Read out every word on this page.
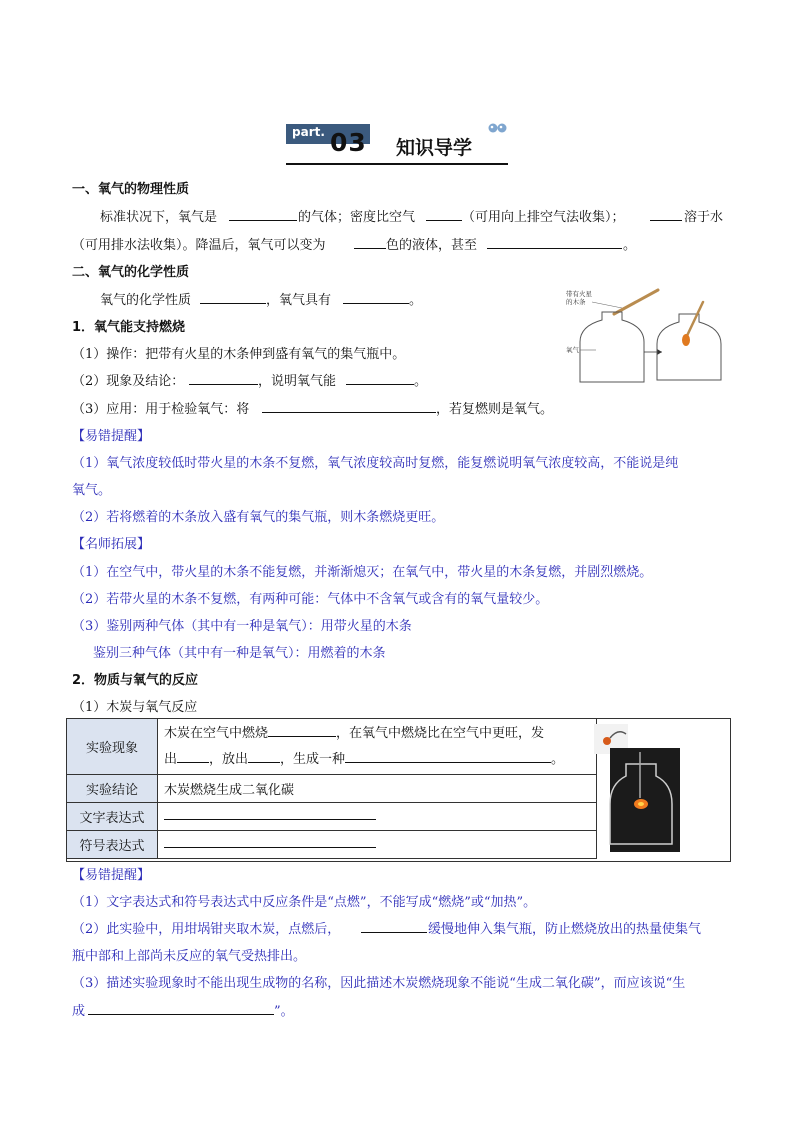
part. 03 知识导学
一、氧气的物理性质
标准状况下，氧气是	的气体；密度比空气	（可用向上排空气法收集）；	溶于水
（可用排水法收集）。降温后，氧气可以变为	色的液体，甚至	。
二、氧气的化学性质
氧气的化学性质	，氧气具有	。	带有火星
的木条
氧气
1．氧气能支持燃烧
（1）操作：把带有火星的木条伸到盛有氧气的集气瓶中。
（2）现象及结论：	，说明氧气能	。
（3）应用：用于检验氧气：将	，若复燃则是氧气。
【易错提醒】
（1）氧气浓度较低时带火星的木条不复燃，氧气浓度较高时复燃，能复燃说明氧气浓度较高，不能说是纯
氧气。
（2）若将燃着的木条放入盛有氧气的集气瓶，则木条燃烧更旺。
【名师拓展】
（1）在空气中，带火星的木条不能复燃，并渐渐熄灭；在氧气中，带火星的木条复燃，并剧烈燃烧。
（2）若带火星的木条不复燃，有两种可能：气体中不含氧气或含有的氧气量较少。
（3）鉴别两种气体（其中有一种是氧气）：用带火星的木条
鉴别三种气体（其中有一种是氧气）：用燃着的木条
2．物质与氧气的反应
（1）木炭与氧气反应
实验现象	木炭在空气中燃烧 ，在氧气中燃烧比在空气中更旺，发
出 ，放出 ，生成一种 。

实验结论	木炭燃烧生成二氧化碳
文字表达式	
符号表达式	
【易错提醒】
（1）文字表达式和符号表达式中反应条件是“点燃”，不能写成“燃烧”或“加热”。
（2）此实验中，用坩埚钳夹取木炭，点燃后，	缓慢地伸入集气瓶，防止燃烧放出的热量使集气
瓶中部和上部尚未反应的氧气受热排出。
（3）描述实验现象时不能出现生成物的名称，因此描述木炭燃烧现象不能说“生成二氧化碳”，而应该说“生
成	”。
